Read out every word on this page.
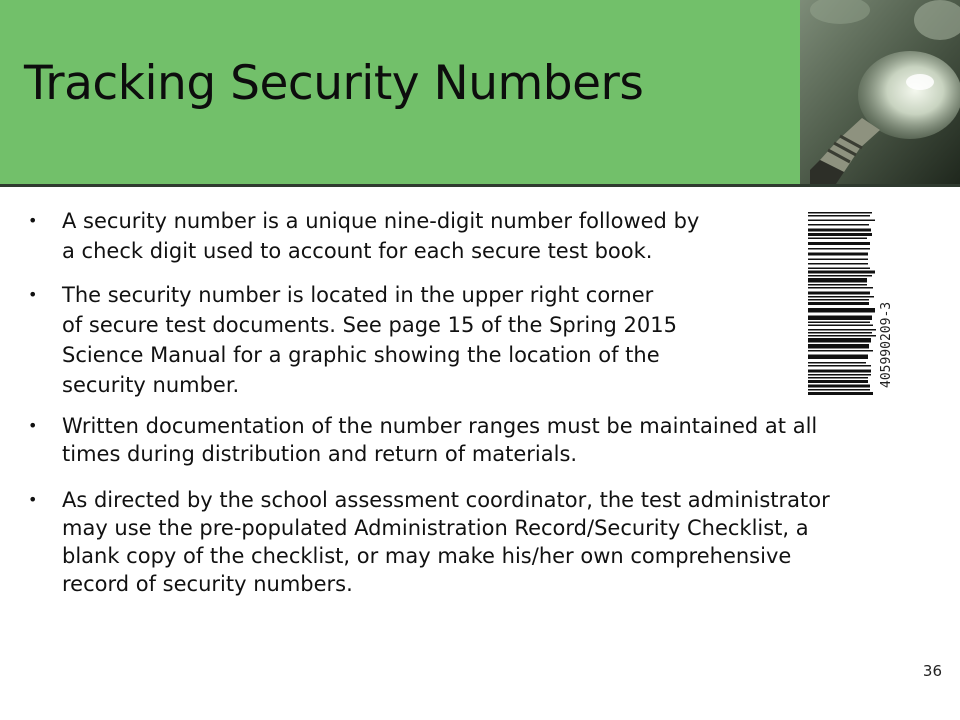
Tracking Security Numbers
• A security number is a unique nine-digit number followed by
a check digit used to account for each secure test book.
• The security number is located in the upper right corner
of secure test documents. See page 15 of the Spring 2015
Science Manual for a graphic showing the location of the
security number.
• Written documentation of the number ranges must be maintained at all
times during distribution and return of materials.
• As directed by the school assessment coordinator, the test administrator
may use the pre-populated Administration Record/Security Checklist, a
blank copy of the checklist, or may make his/her own comprehensive
record of security numbers.
405990209-3
36
